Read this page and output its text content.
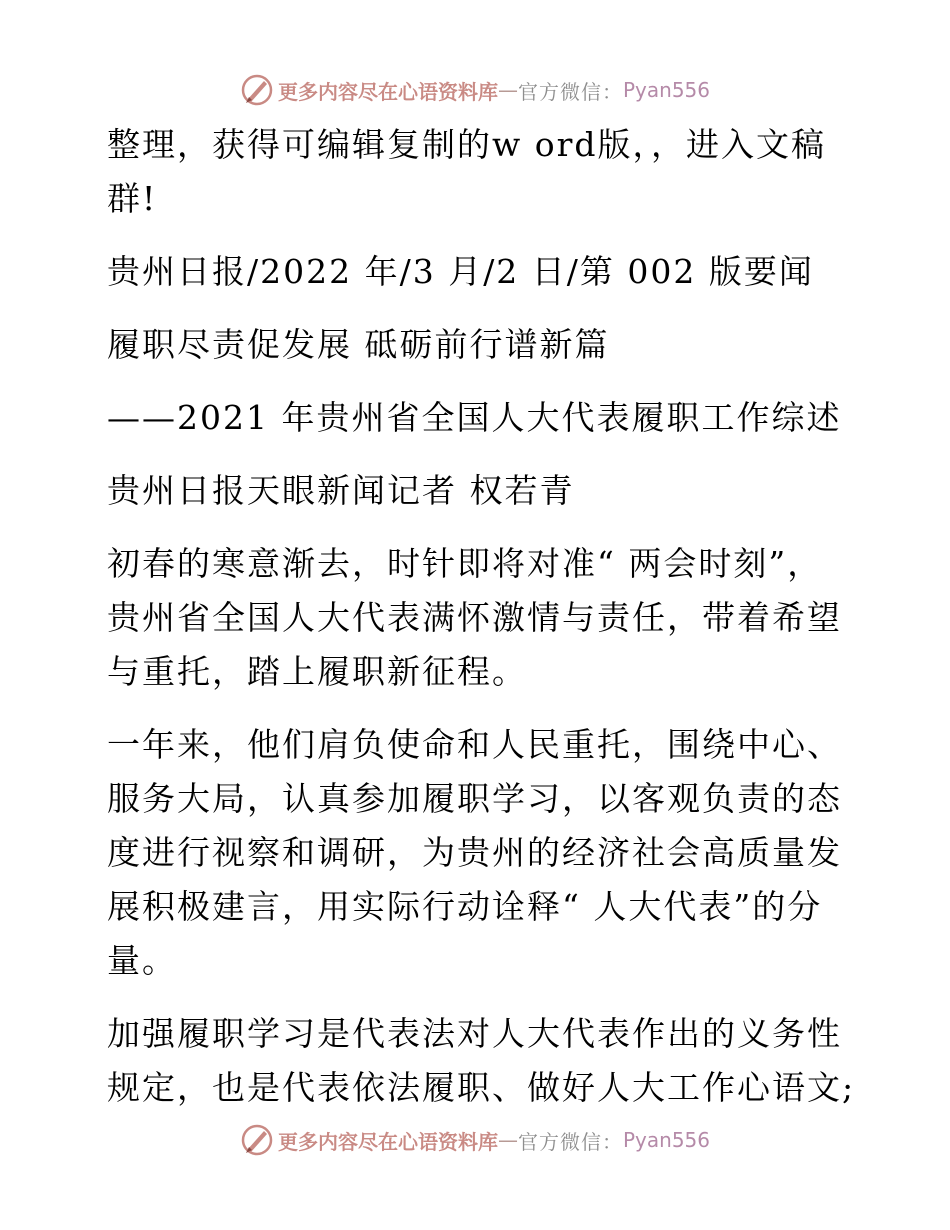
更多内容尽在心语资料库 — 官方微信： Pyan556

整理，获得可编辑复制的w ord版，，进入文稿群!

贵州日报/2022 年/3 月/2 日/第 002 版要闻

履职尽责促发展 砥砺前行谱新篇

——2021 年贵州省全国人大代表履职工作综述

贵州日报天眼新闻记者 权若青

初春的寒意渐去，时针即将对准“ 两会时刻”，贵州省全国人大代表满怀激情与责任，带着希望与重托，踏上履职新征程。

一年来，他们肩负使命和人民重托，围绕中心、服务大局，认真参加履职学习，以客观负责的态度进行视察和调研，为贵州的经济社会高质量发展积极建言，用实际行动诠释“ 人大代表”的分量。

加强履职学习是代表法对人大代表作出的义务性规定，也是代表依法履职、做好人大工作心语文;

更多内容尽在心语资料库 — 官方微信： Pyan556
